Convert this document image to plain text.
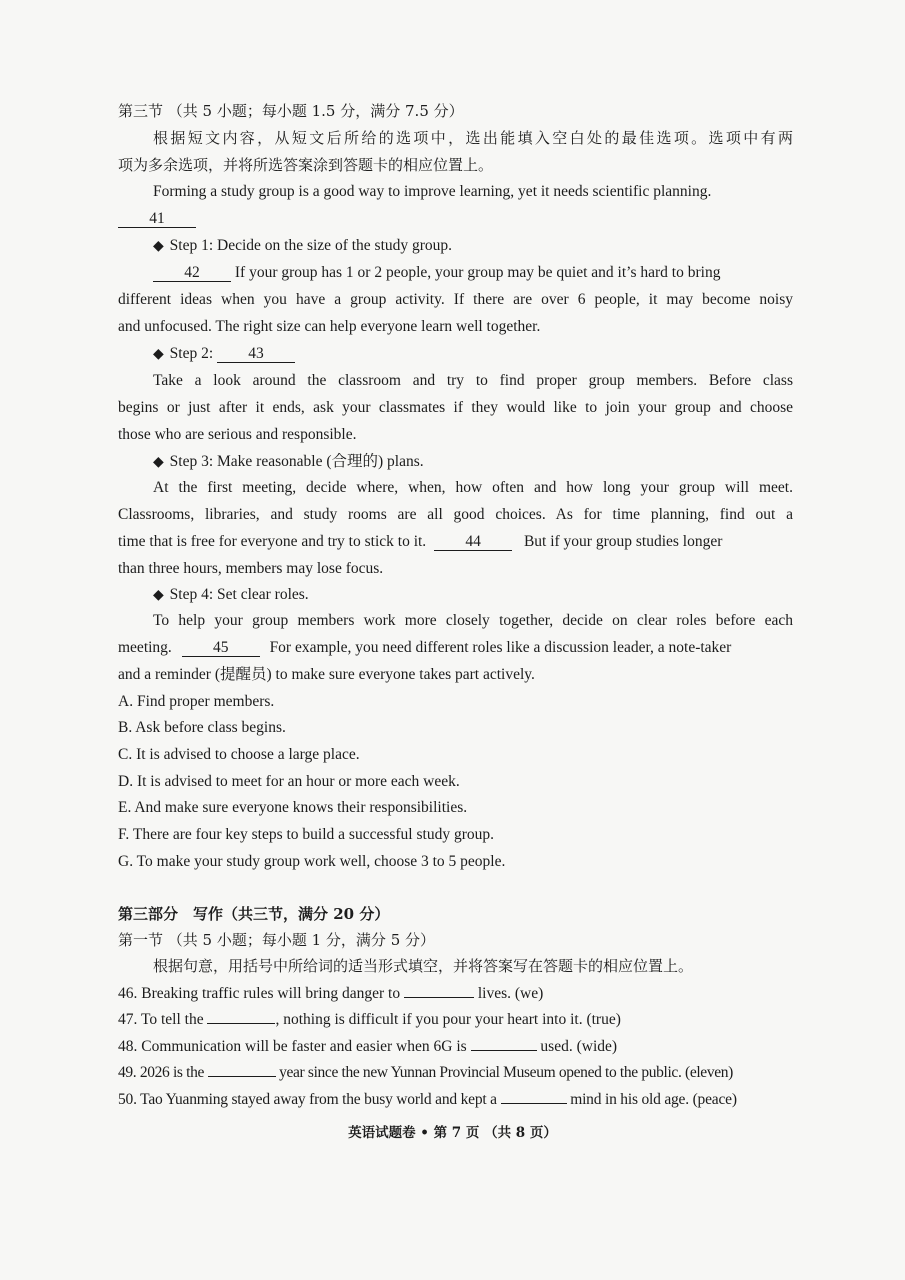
第三节 （共 5 小题；每小题 1.5 分，满分 7.5 分）
根据短文内容，从短文后所给的选项中，选出能填入空白处的最佳选项。选项中有两
项为多余选项，并将所选答案涂到答题卡的相应位置上。
Forming a study group is a good way to improve learning, yet it needs scientific planning.
41
◆ Step 1: Decide on the size of the study group.
42 If your group has 1 or 2 people, your group may be quiet and it’s hard to bring
different ideas when you have a group activity. If there are over 6 people, it may become noisy
and unfocused. The right size can help everyone learn well together.
◆ Step 2: 43
Take a look around the classroom and try to find proper group members. Before class
begins or just after it ends, ask your classmates if they would like to join your group and choose
those who are serious and responsible.
◆ Step 3: Make reasonable (合理的) plans.
At the first meeting, decide where, when, how often and how long your group will meet.
Classrooms, libraries, and study rooms are all good choices. As for time planning, find out a
time that is free for everyone and try to stick to it.	44	But if your group studies longer
than three hours, members may lose focus.
◆ Step 4: Set clear roles.
To help your group members work more closely together, decide on clear roles before each
meeting.	45	For example, you need different roles like a discussion leader, a note-taker
and a reminder (提醒员) to make sure everyone takes part actively.
A. Find proper members.
B. Ask before class begins.
C. It is advised to choose a large place.
D. It is advised to meet for an hour or more each week.
E. And make sure everyone knows their responsibilities.
F. There are four key steps to build a successful study group.
G. To make your study group work well, choose 3 to 5 people.
第三部分　写作（共三节，满分 20 分）
第一节 （共 5 小题；每小题 1 分，满分 5 分）
根据句意，用括号中所给词的适当形式填空，并将答案写在答题卡的相应位置上。
46. Breaking traffic rules will bring danger to	lives. (we)
47. To tell the	, nothing is difficult if you pour your heart into it. (true)
48. Communication will be faster and easier when 6G is	used. (wide)
49. 2026 is the	year since the new Yunnan Provincial Museum opened to the public. (eleven)
50. Tao Yuanming stayed away from the busy world and kept a	mind in his old age. (peace)
英语试题卷 • 第 7 页 （共 8 页）
